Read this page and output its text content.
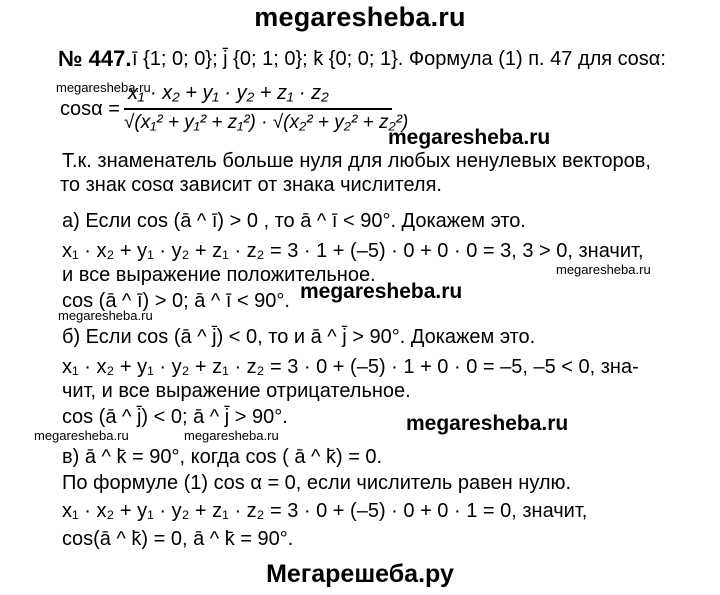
megaresheba.ru
№ 447. ī {1; 0; 0}; j̄ {0; 1; 0}; k̄ {0; 0; 1}. Формула (1) п. 47 для cosα:
megaresheba.ru
cosα =
x₁ · x₂ + y₁ · y₂ + z₁ · z₂
√(x₁² + y₁² + z₁²) · √(x₂² + y₂² + z₂²)
megaresheba.ru
Т.к. знаменатель больше нуля для любых ненулевых векторов,
то знак cosα зависит от знака числителя.
а) Если cos (ā ^ ī) > 0 , то ā ^ ī < 90°. Докажем это.
x₁ · x₂ + y₁ · y₂ + z₁ · z₂ = 3 · 1 + (–5) · 0 + 0 · 0 = 3, 3 > 0, значит,
и все выражение положительное.	megaresheba.ru
cos (ā ^ ī) > 0; ā ^ ī < 90°. megaresheba.ru
megaresheba.ru
б) Если cos (ā ^ j̄) < 0, то и ā ^ j̄ > 90°. Докажем это.
x₁ · x₂ + y₁ · y₂ + z₁ · z₂ = 3 · 0 + (–5) · 1 + 0 · 0 = –5, –5 < 0, зна-
чит, и все выражение отрицательное.
cos (ā ^ j̄) < 0; ā ^ j̄ > 90°.	megaresheba.ru
megaresheba.ru	megaresheba.ru
в) ā ^ k̄ = 90°, когда cos ( ā ^ k̄) = 0.
По формуле (1) cos α = 0, если числитель равен нулю.
x₁ · x₂ + y₁ · y₂ + z₁ · z₂ = 3 · 0 + (–5) · 0 + 0 · 1 = 0, значит,
cos(ā ^ k̄) = 0, ā ^ k̄ = 90°.
Мегарешеба.ру
